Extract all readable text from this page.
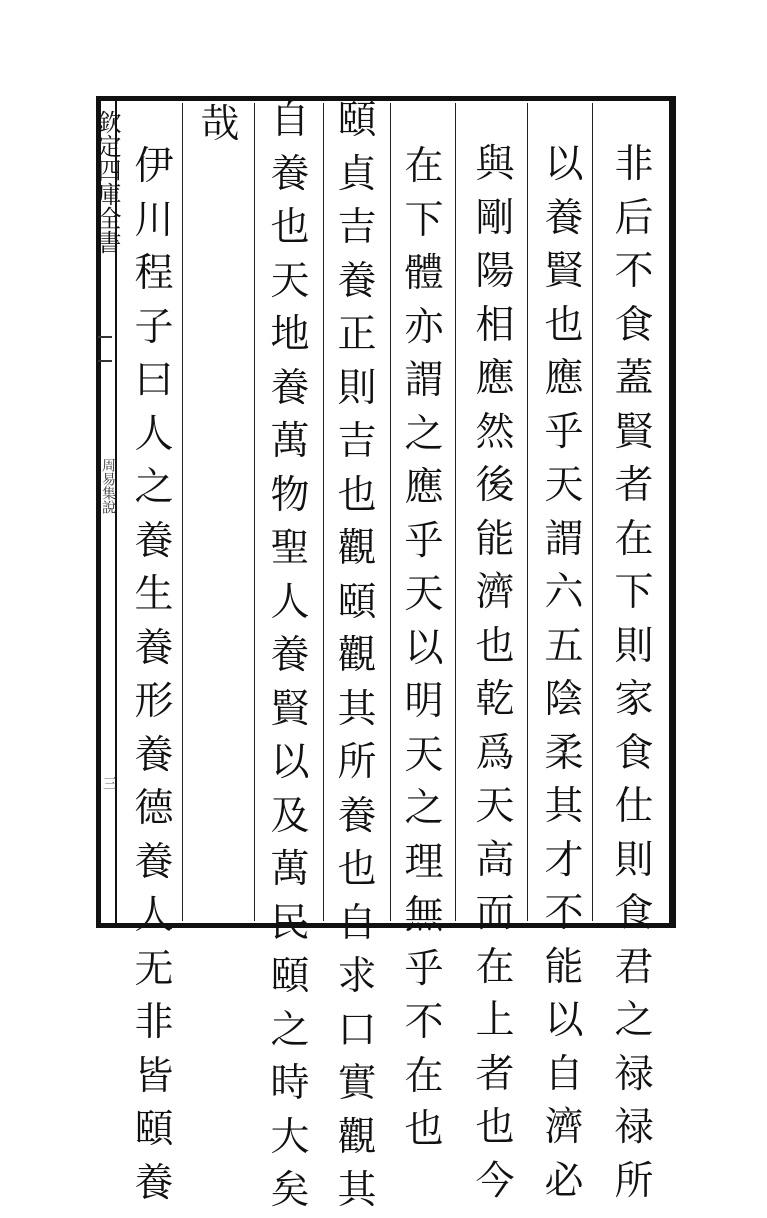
欽定四庫全書
周易集說
三
非
后
不
食
蓋
賢
者
在
下
則
家
食
仕
則
食
君
之
禄
禄
所
以
養
賢
也
應
乎
天
謂
六
五
陰
柔
其
才
不
能
以
自
濟
必
與
剛
陽
相
應
然
後
能
濟
也
乾
爲
天
高
而
在
上
者
也
今
在
下
體
亦
謂
之
應
乎
天
以
明
天
之
理
無
乎
不
在
也
頤
貞
吉
養
正
則
吉
也
觀
頤
觀
其
所
養
也
自
求
口
實
觀
其
自
養
也
天
地
養
萬
物
聖
人
養
賢
以
及
萬
民
頤
之
時
大
矣
哉
伊
川
程
子
曰
人
之
養
生
養
形
養
德
養
人
无
非
皆
頤
養
